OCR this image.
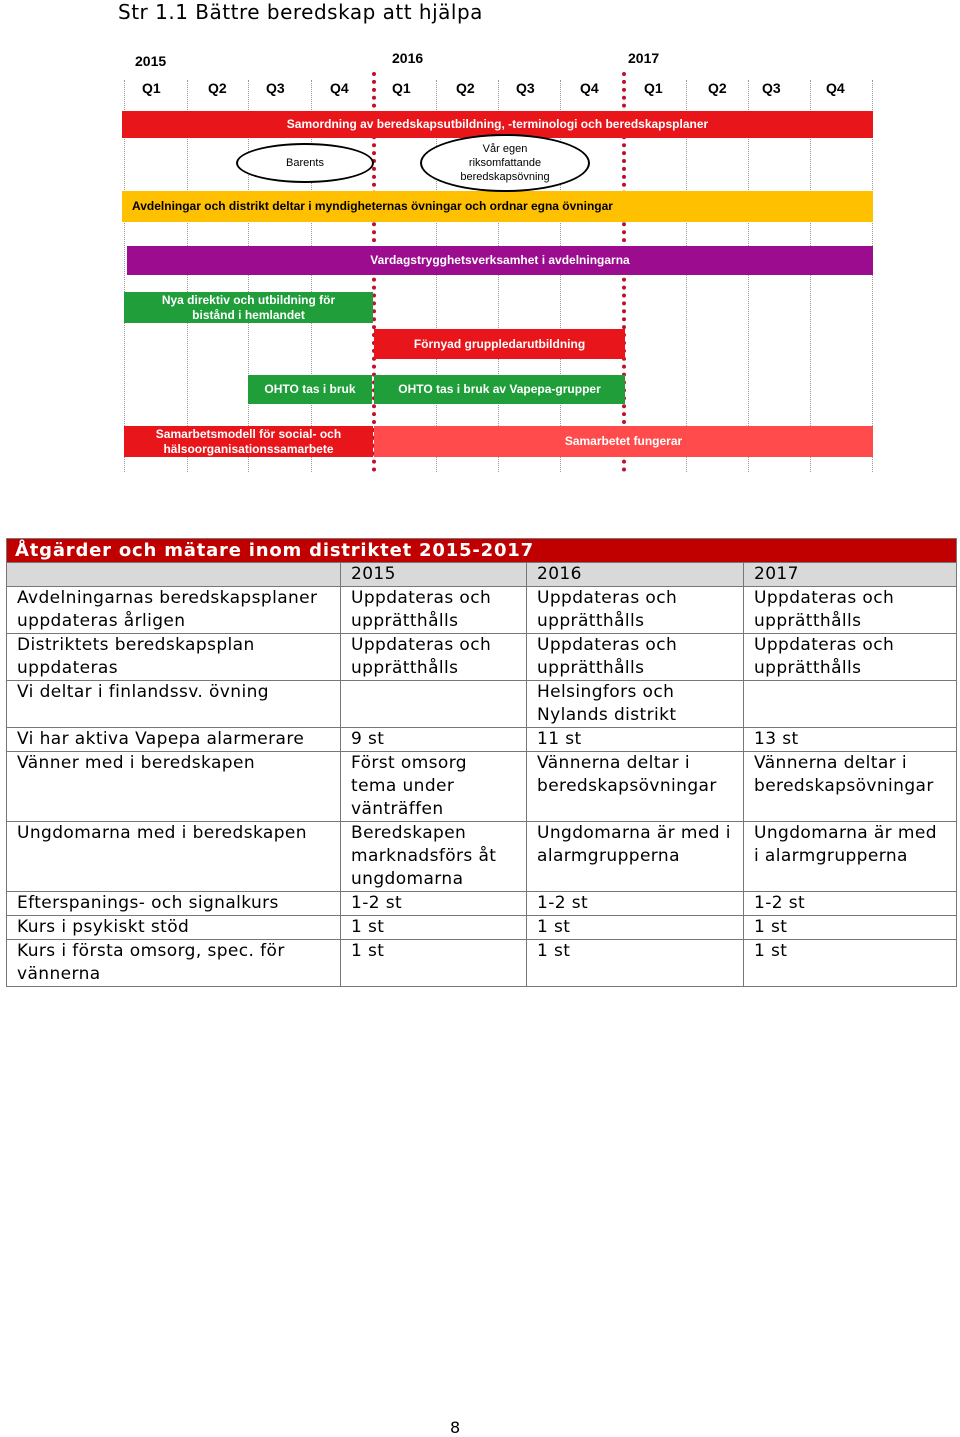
Str 1.1 Bättre beredskap att hjälpa
2015	2016	2017
Q1	Q2	Q3	Q4	Q1	Q2	Q3	Q4	Q1	Q2	Q3	Q4
Samordning av beredskapsutbildning, -terminologi och beredskapsplaner
Avdelningar och distrikt deltar i myndigheternas övningar och ordnar egna övningar
Vardagstrygghetsverksamhet i avdelningarna
Nya direktiv och utbildning för bistånd i hemlandet
Förnyad gruppledarutbildning
OHTO tas i bruk	OHTO tas i bruk av Vapepa-grupper
Samarbetsmodell för social- och hälsoorganisationssamarbete
Samarbetet fungerar
Barents
Vår egen riksomfattande beredskapsövning
Åtgärder och mätare inom distriktet 2015-2017			
	2015	2016	2017
Avdelningarnas beredskapsplaner uppdateras årligen	Uppdateras och upprätthålls	Uppdateras och upprätthålls	Uppdateras och upprätthålls
Distriktets beredskapsplan uppdateras	Uppdateras och upprätthålls	Uppdateras och upprätthålls	Uppdateras och upprätthålls
Vi deltar i finlandssv. övning		Helsingfors och Nylands distrikt	
Vi har aktiva Vapepa alarmerare	9 st	11 st	13 st
Vänner med i beredskapen	Först omsorg tema under vänträffen	Vännerna deltar i beredskapsövningar	Vännerna deltar i beredskapsövningar
Ungdomarna med i beredskapen	Beredskapen marknadsförs åt ungdomarna	Ungdomarna är med i alarmgrupperna	Ungdomarna är med i alarmgrupperna
Efterspanings- och signalkurs	1-2 st	1-2 st	1-2 st
Kurs i psykiskt stöd	1 st	1 st	1 st
Kurs i första omsorg, spec. för vännerna	1 st	1 st	1 st
8
